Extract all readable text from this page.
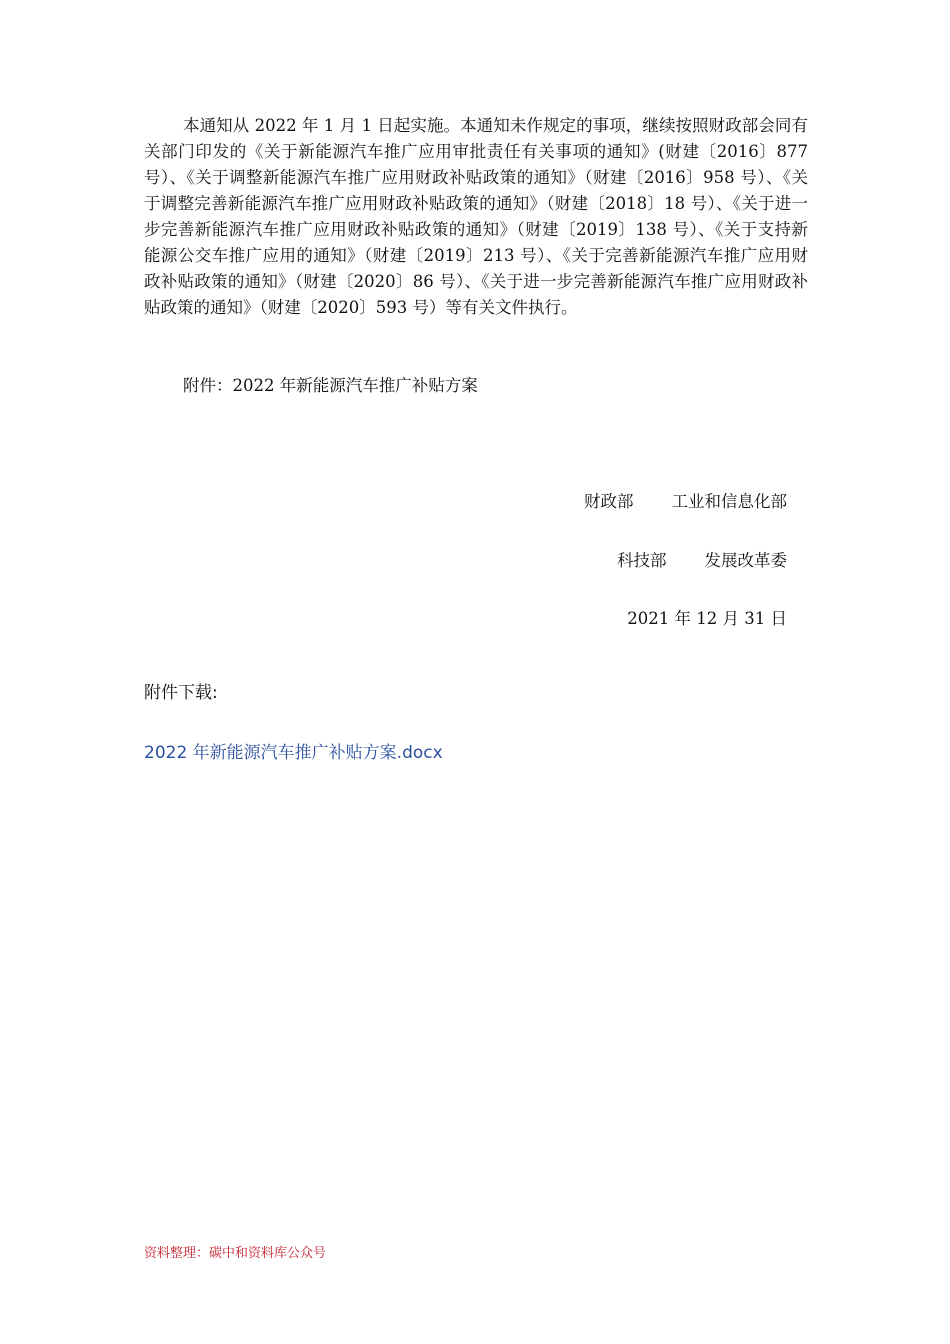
本通知从 2022 年 1 月 1 日起实施。本通知未作规定的事项，继续按照财政部会同有关部门印发的《关于新能源汽车推广应用审批责任有关事项的通知》(财建〔2016〕877 号）、《关于调整新能源汽车推广应用财政补贴政策的通知》（财建〔2016〕958 号）、《关于调整完善新能源汽车推广应用财政补贴政策的通知》（财建〔2018〕18 号）、《关于进一步完善新能源汽车推广应用财政补贴政策的通知》（财建〔2019〕138 号）、《关于支持新能源公交车推广应用的通知》（财建〔2019〕213 号）、《关于完善新能源汽车推广应用财政补贴政策的通知》（财建〔2020〕86 号）、《关于进一步完善新能源汽车推广应用财政补贴政策的通知》（财建〔2020〕593 号）等有关文件执行。

附件：2022 年新能源汽车推广补贴方案

财政部 工业和信息化部

科技部 发展改革委

2021 年 12 月 31 日

附件下载:

2022 年新能源汽车推广补贴方案.docx

资料整理：碳中和资料库公众号
